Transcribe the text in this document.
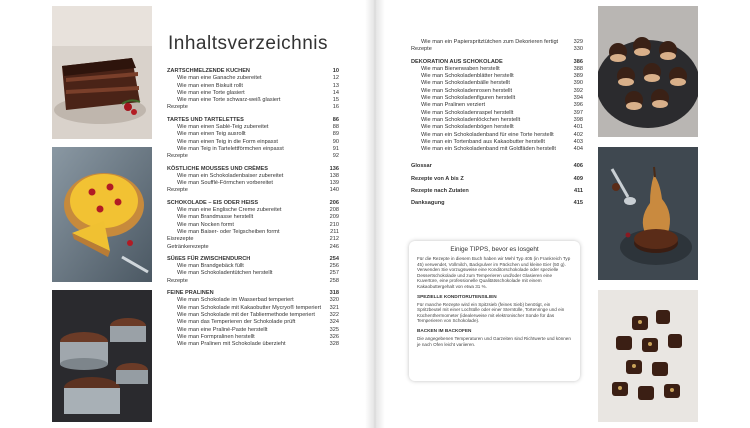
Inhaltsverzeichnis
ZARTSCHMELZENDE KUCHEN	10
Wie man eine Ganache zubereitet	12
Wie man einen Biskuit rollt	13
Wie man eine Torte glasiert	14
Wie man eine Torte schwarz-weiß glasiert	15
Rezepte	16
TARTES UND TARTELETTES	86
Wie man einen Sablé-Teig zubereitet	88
Wie man einen Teig ausrollt	89
Wie man einen Teig in die Form einpasst	90
Wie man Teig in Tartelettförmchen einpasst	91
Rezepte	92
KÖSTLICHE MOUSSES UND CRÈMES	136
Wie man ein Schokoladenbaiser zubereitet	138
Wie man Soufflé-Förmchen vorbereitet	139
Rezepte	140
SCHOKOLADE – EIS ODER HEISS	206
Wie man eine Englische Creme zubereitet	208
Wie man Brandmasse herstellt	209
Wie man Nocken formt	210
Wie man Baiser- oder Teigscheiben formt	211
Eisrezepte	212
Getränkerezepte	246
SÜßES FÜR ZWISCHENDURCH	254
Wie man Brandgebäck füllt	256
Wie man Schokoladentütchen herstellt	257
Rezepte	258
FEINE PRALINEN	318
Wie man Schokolade im Wasserbad temperiert	320
Wie man Schokolade mit Kakaobutter Mycryo® temperiert	321
Wie man Schokolade mit der Tabliermethode temperiert	322
Wie man das Temperieren der Schokolade prüft	324
Wie man eine Praliné-Paste herstellt	325
Wie man Formpralinen herstellt	326
Wie man Pralinen mit Schokolade überzieht	328
Wie man ein Papierspritztütchen zum Dekorieren fertigt	329
Rezepte	330
DEKORATION AUS SCHOKOLADE	386
Wie man Bienenwaben herstellt	388
Wie man Schokoladenblätter herstellt	389
Wie man Schokoladenbälle herstellt	390
Wie man Schokoladenrosen herstellt	392
Wie man Schokoladenfiguren herstellt	394
Wie man Pralinen verziert	396
Wie man Schokoladenraspel herstellt	397
Wie man Schokoladenlöckchen herstellt	398
Wie man Schokoladenbögen herstellt	401
Wie man ein Schokoladenband für eine Torte herstellt	402
Wie man ein Tortenband aus Kakaobutter herstellt	403
Wie man ein Schokoladenband mit Goldfäden herstellt	404
Glossar	406
Rezepte von A bis Z	409
Rezepte nach Zutaten	411
Danksagung	415
Einige TIPPS, bevor es losgeht
Für die Rezepte in diesem Buch haben wir Mehl Typ 405 (in Frankreich Typ 45) verwendet, Vollmilch, Backpulver im Päckchen und kleine Eier (50 g). Verwenden Sie vorzugsweise eine Konditorschokolade oder spezielle Dessertschokolade und zum Temperieren und/oder Glasieren eine Kuvertüre, eine professionelle Qualitätsschokolade mit einem Kakaobuttergehalt von etwa 31 %.
SPEZIELLE KONDITORUTENSILIEN
Für manche Rezepte wird ein Spitzsieb (feines Sieb) benötigt, ein Spritzbeutel mit einer Lochtülle oder einer Sterntülle, Tortenringe und ein Küchenthermometer (idealerweise mit elektronischer Sonde für das Temperieren von Schokolade).
BACKEN IM BACKOFEN
Die angegebenen Temperaturen und Garzeiten sind Richtwerte und können je nach Ofen leicht variieren.
